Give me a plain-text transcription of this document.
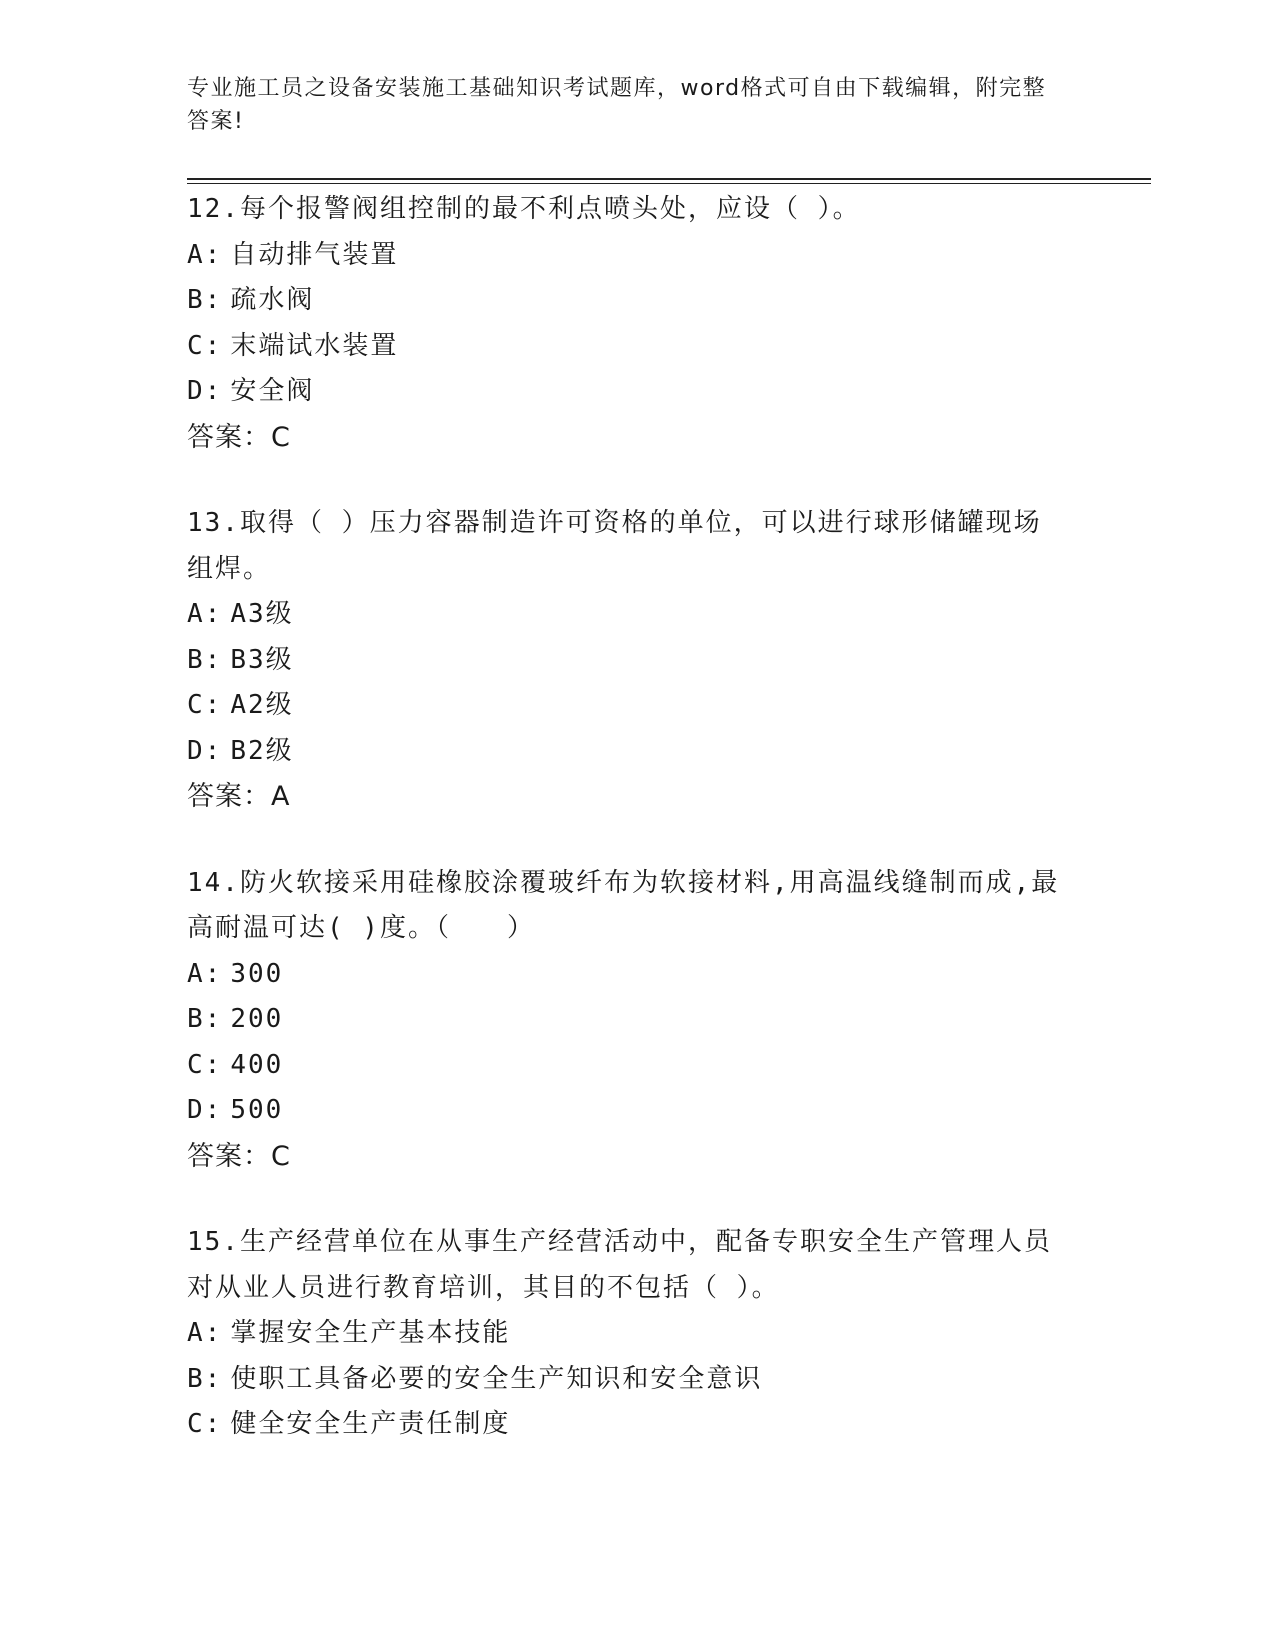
专业施工员之设备安装施工基础知识考试题库，word格式可自由下载编辑，附完整答案!
12.每个报警阀组控制的最不利点喷头处，应设（ ）。
A: 自动排气装置
B: 疏水阀
C: 末端试水装置
D: 安全阀
答案：C
13.取得（ ）压力容器制造许可资格的单位，可以进行球形储罐现场组焊。
A: A3级
B: B3级
C: A2级
D: B2级
答案：A
14.防火软接采用硅橡胶涂覆玻纤布为软接材料,用高温线缝制而成,最高耐温可达( )度。（　　）
A: 300
B: 200
C: 400
D: 500
答案：C
15.生产经营单位在从事生产经营活动中，配备专职安全生产管理人员对从业人员进行教育培训，其目的不包括（ ）。
A: 掌握安全生产基本技能
B: 使职工具备必要的安全生产知识和安全意识
C: 健全安全生产责任制度
